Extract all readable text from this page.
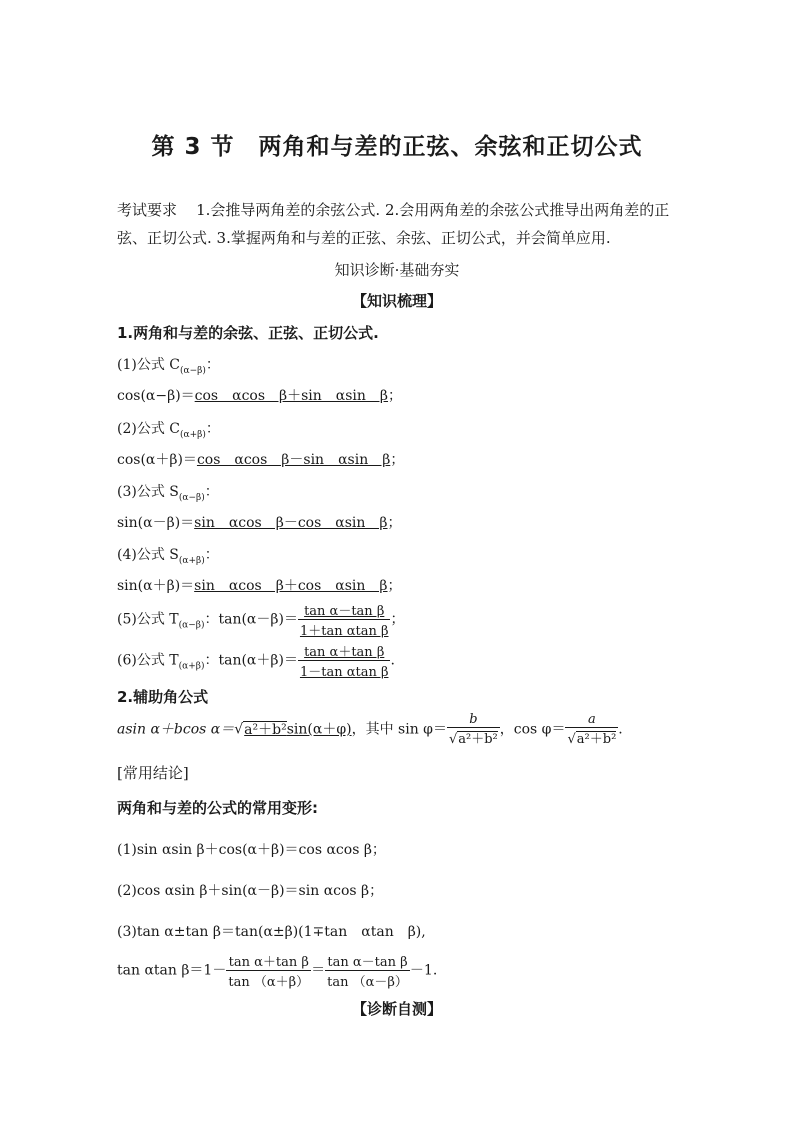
第 3 节　两角和与差的正弦、余弦和正切公式
考试要求 1.会推导两角差的余弦公式. 2.会用两角差的余弦公式推导出两角差的正弦、正切公式. 3.掌握两角和与差的正弦、余弦、正切公式，并会简单应用.
知识诊断·基础夯实
【知识梳理】
1.两角和与差的余弦、正弦、正切公式.
(1)公式 $C_{(\alpha-\beta)}$：
cos(α−β)＝cos　αcos　β＋sin　αsin　β；
(2)公式 $C_{(\alpha+\beta)}$：
cos(α＋β)＝cos　αcos　β－sin　αsin　β；
(3)公式 $S_{(\alpha-\beta)}$：
sin(α－β)＝sin　αcos　β－cos　αsin　β；
(4)公式 $S_{(\alpha+\beta)}$：
sin(α＋β)＝sin　αcos　β＋cos　αsin　β；
(5)公式 $T_{(\alpha-\beta)}$：$\tan(\alpha-\beta)= \frac{\text{tan α－tan β}}{\text{1＋tan αtan β}}$ ；
(6)公式 $T_{(\alpha+\beta)}$：$\tan(\alpha+\beta)= \frac{\text{tan α＋tan β}}{\text{1－tan αtan β}}$ .
2.辅助角公式
asin α＋bcos α＝√a²＋b²sin(α＋φ)，其中 $\sin \varphi= \frac{b}{\text{√a²＋b²}}$ ，$\cos \varphi= \frac{a}{\text{√a²＋b²}}$ .
[常用结论]
两角和与差的公式的常用变形:
(1)sin αsin β＋cos(α＋β)＝cos αcos β；
(2)cos αsin β＋sin(α－β)＝sin αcos β；
(3)tan α±tan β＝tan(α±β)(1∓tan　αtan　β),
tan αtan $\beta=1- \frac{\text{tan α＋tan β}}{\tan (\alpha+\beta)} = \frac{\text{tan α－tan β}}{\tan (\alpha-\beta)} -1$.
【诊断自测】
